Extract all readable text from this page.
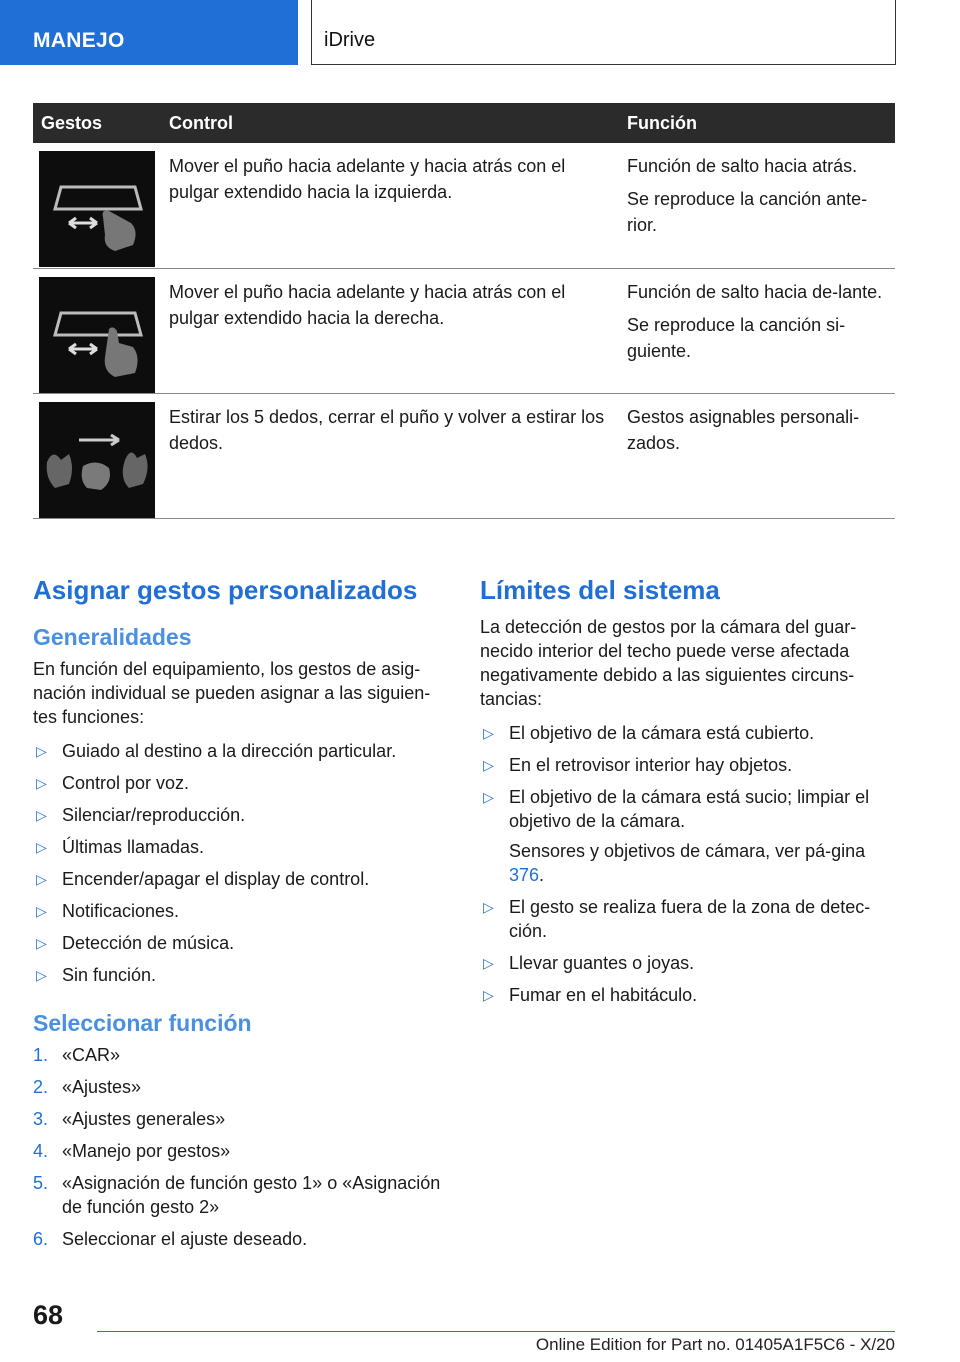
MANEJO	iDrive
Gestos	Control	Función

Mover el puño hacia adelante y hacia atrás con el pulgar extendido hacia la izquierda.	Función de salto hacia atrás.

Se reproduce la canción ante-rior.

Mover el puño hacia adelante y hacia atrás con el pulgar extendido hacia la derecha.	Función de salto hacia de-lante.

Se reproduce la canción si-guiente.

Estirar los 5 dedos, cerrar el puño y volver a estirar los dedos.	Gestos asignables personali-zados.

Asignar gestos personalizados
Generalidades

En función del equipamiento, los gestos de asig-nación individual se pueden asignar a las siguien-tes funciones:

▷ Guiado al destino a la dirección particular.
▷ Control por voz.
▷ Silenciar/reproducción.
▷ Últimas llamadas.
▷ Encender/apagar el display de control.
▷ Notificaciones.
▷ Detección de música.
▷ Sin función.
Seleccionar función
1. «CAR»
2. «Ajustes»
3. «Ajustes generales»
4. «Manejo por gestos»
5. «Asignación de función gesto 1» o «Asignación de función gesto 2»
6. Seleccionar el ajuste deseado.
Límites del sistema

La detección de gestos por la cámara del guar-necido interior del techo puede verse afectada negativamente debido a las siguientes circuns-tancias:

▷ El objetivo de la cámara está cubierto.
▷ En el retrovisor interior hay objetos.
▷ El objetivo de la cámara está sucio; limpiar el objetivo de la cámara.
Sensores y objetivos de cámara, ver pá-gina 376.
▷ El gesto se realiza fuera de la zona de detec-ción.
▷ Llevar guantes o joyas.
▷ Fumar en el habitáculo.
68
Online Edition for Part no. 01405A1F5C6 - X/20
